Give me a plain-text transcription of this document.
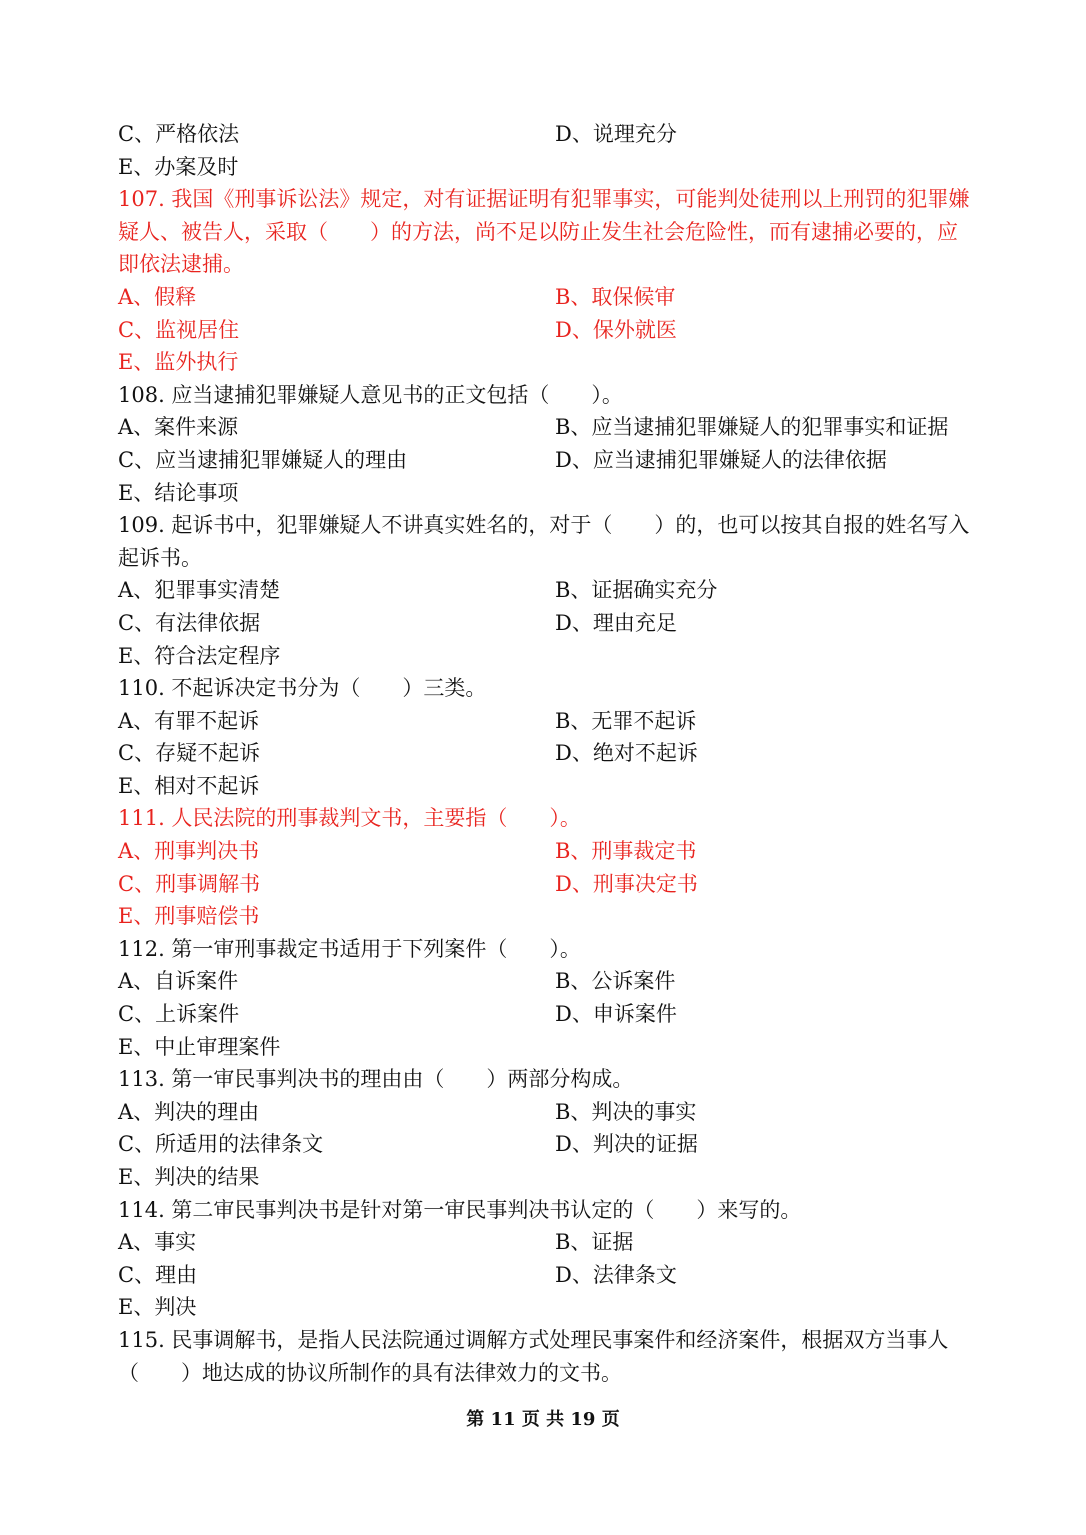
C、严格依法	D、说理充分
E、办案及时
107. 我国《刑事诉讼法》规定，对有证据证明有犯罪事实，可能判处徒刑以上刑罚的犯罪嫌疑人、被告人，采取（　　）的方法，尚不足以防止发生社会危险性，而有逮捕必要的，应即依法逮捕。
A、假释	B、取保候审
C、监视居住	D、保外就医
E、监外执行
108. 应当逮捕犯罪嫌疑人意见书的正文包括（　　）。
A、案件来源	B、应当逮捕犯罪嫌疑人的犯罪事实和证据
C、应当逮捕犯罪嫌疑人的理由	D、应当逮捕犯罪嫌疑人的法律依据
E、结论事项
109. 起诉书中，犯罪嫌疑人不讲真实姓名的，对于（　　）的，也可以按其自报的姓名写入起诉书。
A、犯罪事实清楚	B、证据确实充分
C、有法律依据	D、理由充足
E、符合法定程序
110. 不起诉决定书分为（　　）三类。
A、有罪不起诉	B、无罪不起诉
C、存疑不起诉	D、绝对不起诉
E、相对不起诉
111. 人民法院的刑事裁判文书，主要指（　　）。
A、刑事判决书	B、刑事裁定书
C、刑事调解书	D、刑事决定书
E、刑事赔偿书
112. 第一审刑事裁定书适用于下列案件（　　）。
A、自诉案件	B、公诉案件
C、上诉案件	D、申诉案件
E、中止审理案件
113. 第一审民事判决书的理由由（　　）两部分构成。
A、判决的理由	B、判决的事实
C、所适用的法律条文	D、判决的证据
E、判决的结果
114. 第二审民事判决书是针对第一审民事判决书认定的（　　）来写的。
A、事实	B、证据
C、理由	D、法律条文
E、判决
115. 民事调解书，是指人民法院通过调解方式处理民事案件和经济案件，根据双方当事人（　　）地达成的协议所制作的具有法律效力的文书。
第 11 页 共 19 页
